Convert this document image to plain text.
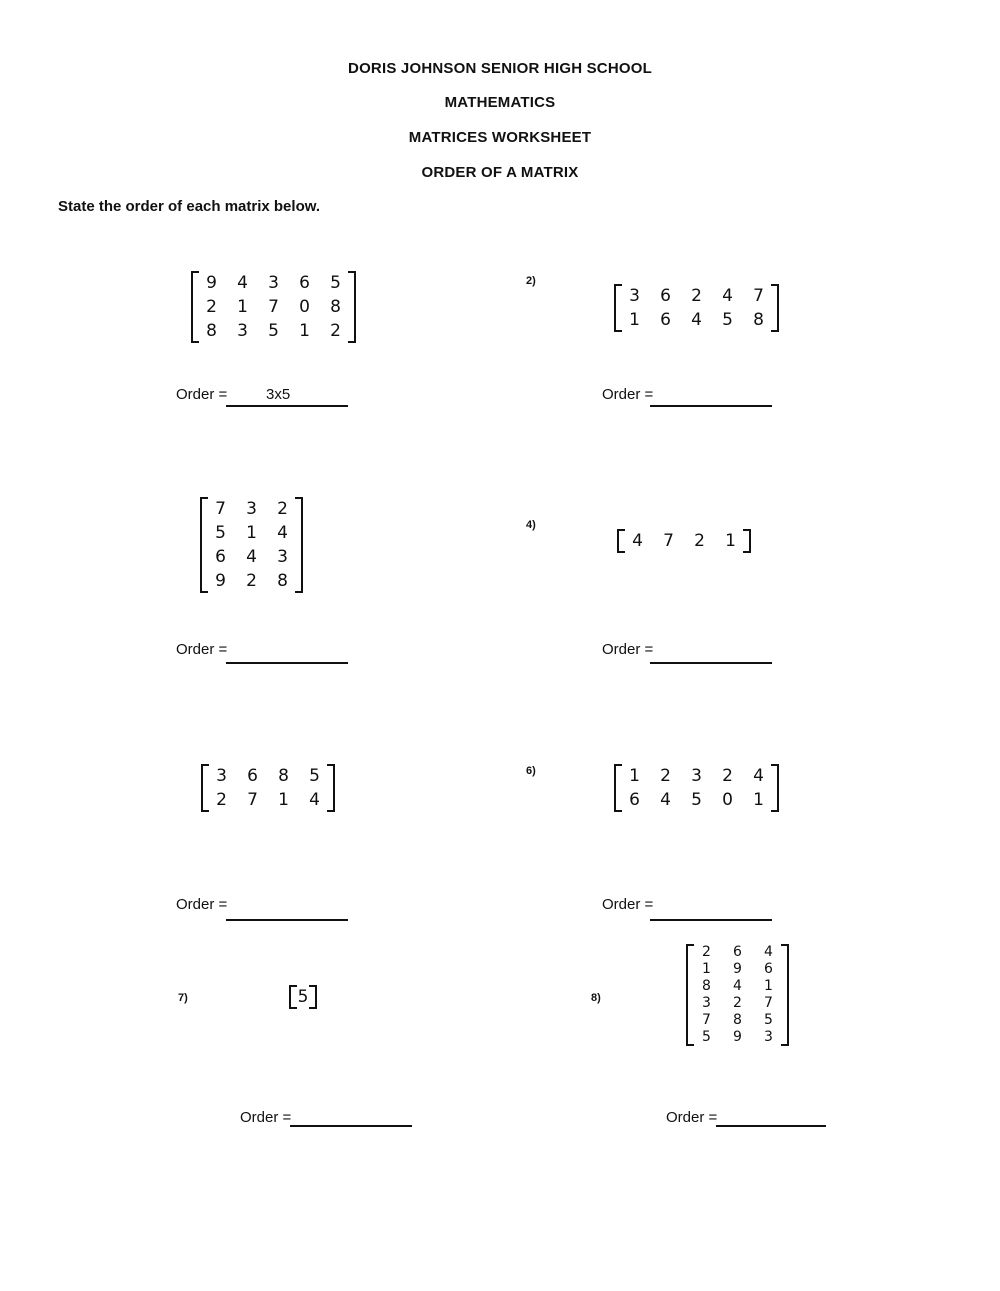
DORIS JOHNSON SENIOR HIGH SCHOOL
MATHEMATICS
MATRICES WORKSHEET
ORDER OF A MATRIX
State the order of each matrix below.
9	4	3	6	5
2	1	7	0	8
8	3	5	1	2
Order =	3x5
2)
3	6	2	4	7
1	6	4	5	8
Order =
7	3	2
5	1	4
6	4	3
9	2	8
Order =
4)
4	7	2	1
Order =
3	6	8	5
2	7	1	4
Order =
6)	1	2	3	2	4
6	4	5	0	1
Order =
7)	5
Order =
8)
2	6	4
1	9	6
8	4	1
3	2	7
7	8	5
5	9	3
Order =
